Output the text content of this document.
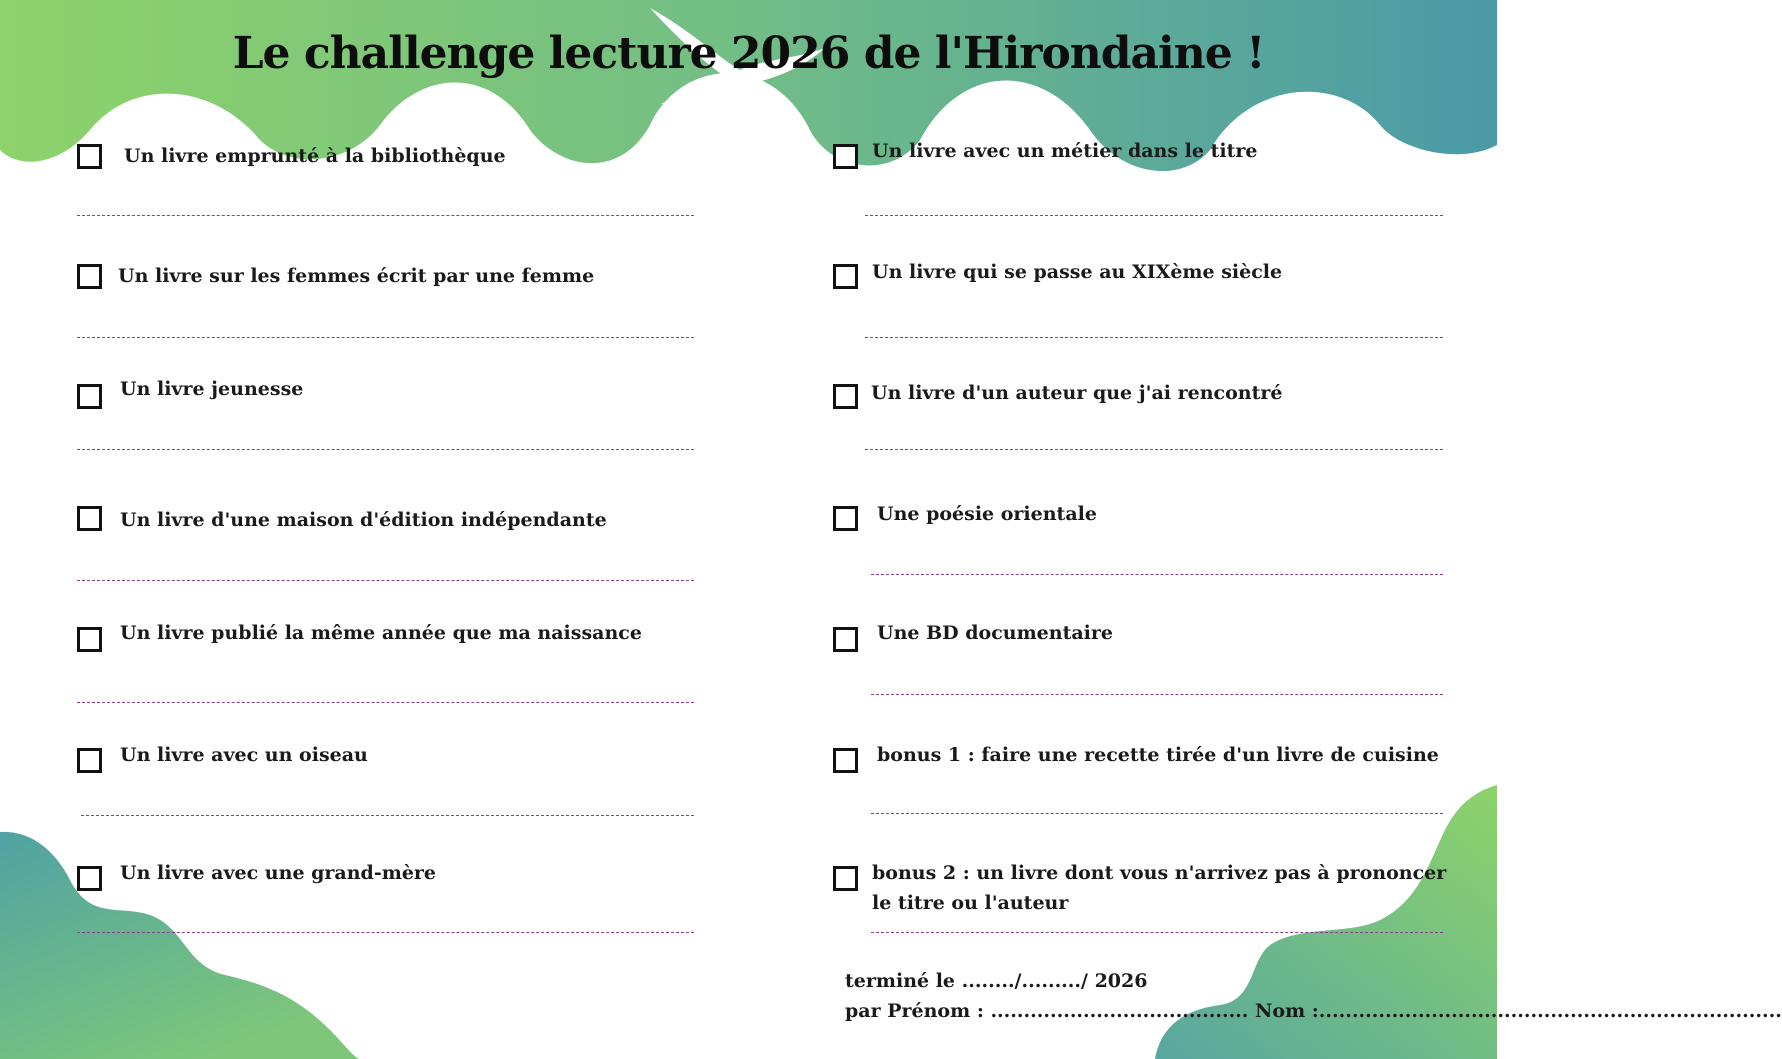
Le challenge lecture 2026 de l'Hirondaine !
Un livre emprunté à la bibliothèque
Un livre sur les femmes écrit par une femme
Un livre jeunesse
Un livre d'une maison d'édition indépendante
Un livre publié la même année que ma naissance
Un livre avec un oiseau
Un livre avec une grand-mère
Un livre avec un métier dans le titre
Un livre qui se passe au XIXème siècle
Un livre d'un auteur que j'ai rencontré
Une poésie orientale
Une BD documentaire
bonus 1 : faire une recette tirée d'un livre de cuisine
bonus 2 : un livre dont vous n'arrivez pas à prononcer le titre ou l'auteur
terminé le ......../........./ 2026
par Prénom : ....................................... Nom :......................................................................
